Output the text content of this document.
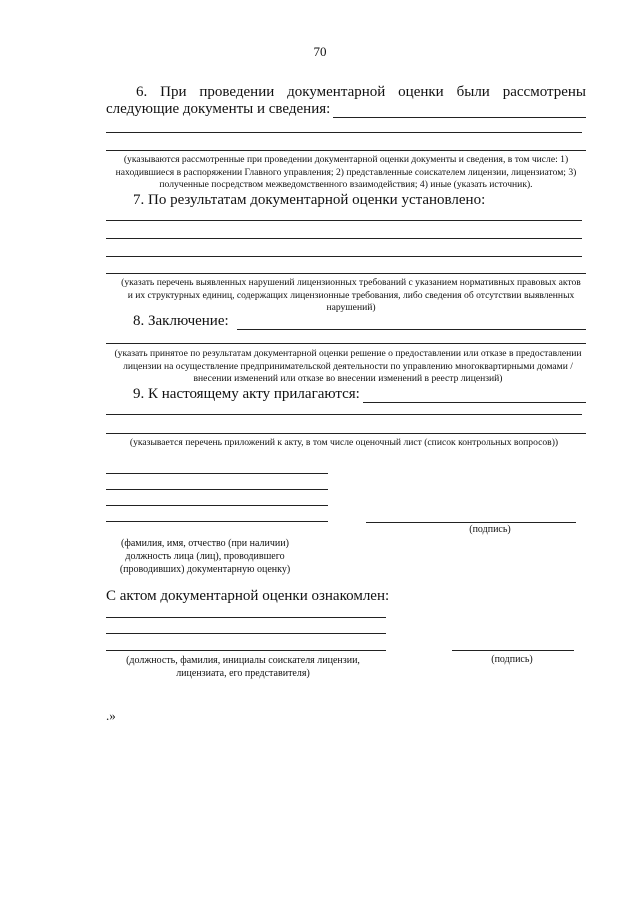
70
6. При проведении документарной оценки были рассмотрены
следующие документы и сведения:
(указываются рассмотренные при проведении документарной оценки документы и сведения, в том числе: 1) находившиеся в распоряжении Главного управления; 2) представленные соискателем лицензии, лицензиатом; 3) полученные посредством межведомственного взаимодействия; 4) иные (указать источник).
7. По результатам документарной оценки установлено:
(указать перечень выявленных нарушений лицензионных требований с указанием нормативных правовых актов и их структурных единиц, содержащих лицензионные требования, либо сведения об отсутствии выявленных нарушений)
8. Заключение:
(указать принятое по результатам документарной оценки решение о предоставлении или отказе в предоставлении лицензии на осуществление предпринимательской деятельности по управлению многоквартирными домами / внесении изменений или отказе во внесении изменений в реестр лицензий)
9. К настоящему акту прилагаются:
(указывается перечень приложений к акту, в том числе оценочный лист (список контрольных вопросов))
(подпись)
(фамилия, имя, отчество (при наличии) должность лица (лиц), проводившего (проводивших) документарную оценку)
С актом документарной оценки ознакомлен:
(должность, фамилия, инициалы соискателя лицензии, лицензиата, его представителя)
(подпись)
.»
